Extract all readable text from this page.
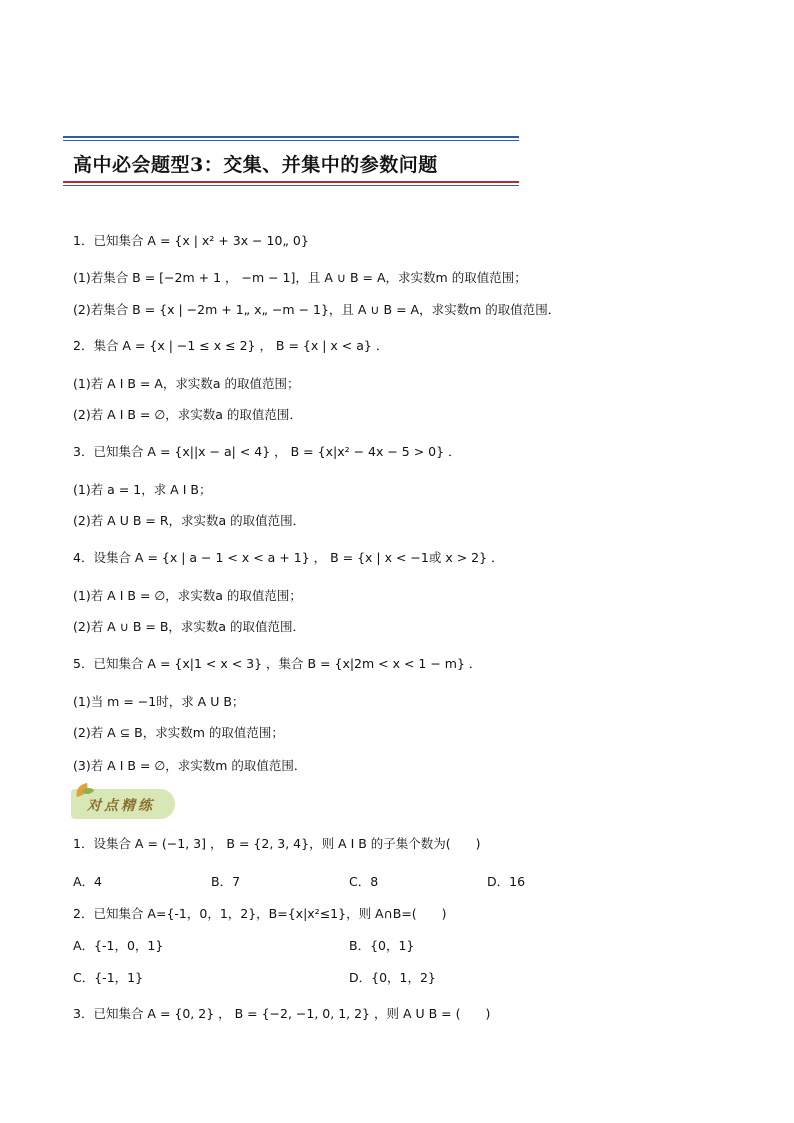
高中必会题型3：交集、并集中的参数问题
1．已知集合 A = {x | x² + 3x − 10„ 0}
(1)若集合 B = [−2m + 1 ， −m − 1]，且 A ∪ B = A，求实数m 的取值范围；
(2)若集合 B = {x | −2m + 1„ x„ −m − 1}，且 A ∪ B = A，求实数m 的取值范围．
2．集合 A = {x | −1 ≤ x ≤ 2} ， B = {x | x < a} ．
(1)若 A I B = A，求实数a 的取值范围；
(2)若 A I B = ∅，求实数a 的取值范围．
3．已知集合 A = {x||x − a| < 4} ， B = {x|x² − 4x − 5 > 0} ．
(1)若 a = 1，求 A I B；
(2)若 A U B = R，求实数a 的取值范围．
4．设集合 A = {x | a − 1 < x < a + 1} ， B = {x | x < −1或 x > 2} ．
(1)若 A I B = ∅，求实数a 的取值范围；
(2)若 A ∪ B = B，求实数a 的取值范围．
5．已知集合 A = {x|1 < x < 3} ，集合 B = {x|2m < x < 1 − m} ．
(1)当 m = −1时，求 A U B；
(2)若 A ⊆ B，求实数m 的取值范围；
(3)若 A I B = ∅，求实数m 的取值范围．
对点精练
1．设集合 A = (−1, 3] ， B = {2, 3, 4}，则 A I B 的子集个数为(　　)
A．4	B．7	C．8	D．16
2．已知集合 A={-1，0，1，2}，B={x|x²≤1}，则 A∩B=(　　)
A．{-1，0，1}	B．{0，1}
C．{-1，1}	D．{0，1，2}
3．已知集合 A = {0, 2} ， B = {−2, −1, 0, 1, 2} ，则 A U B = (　　)
